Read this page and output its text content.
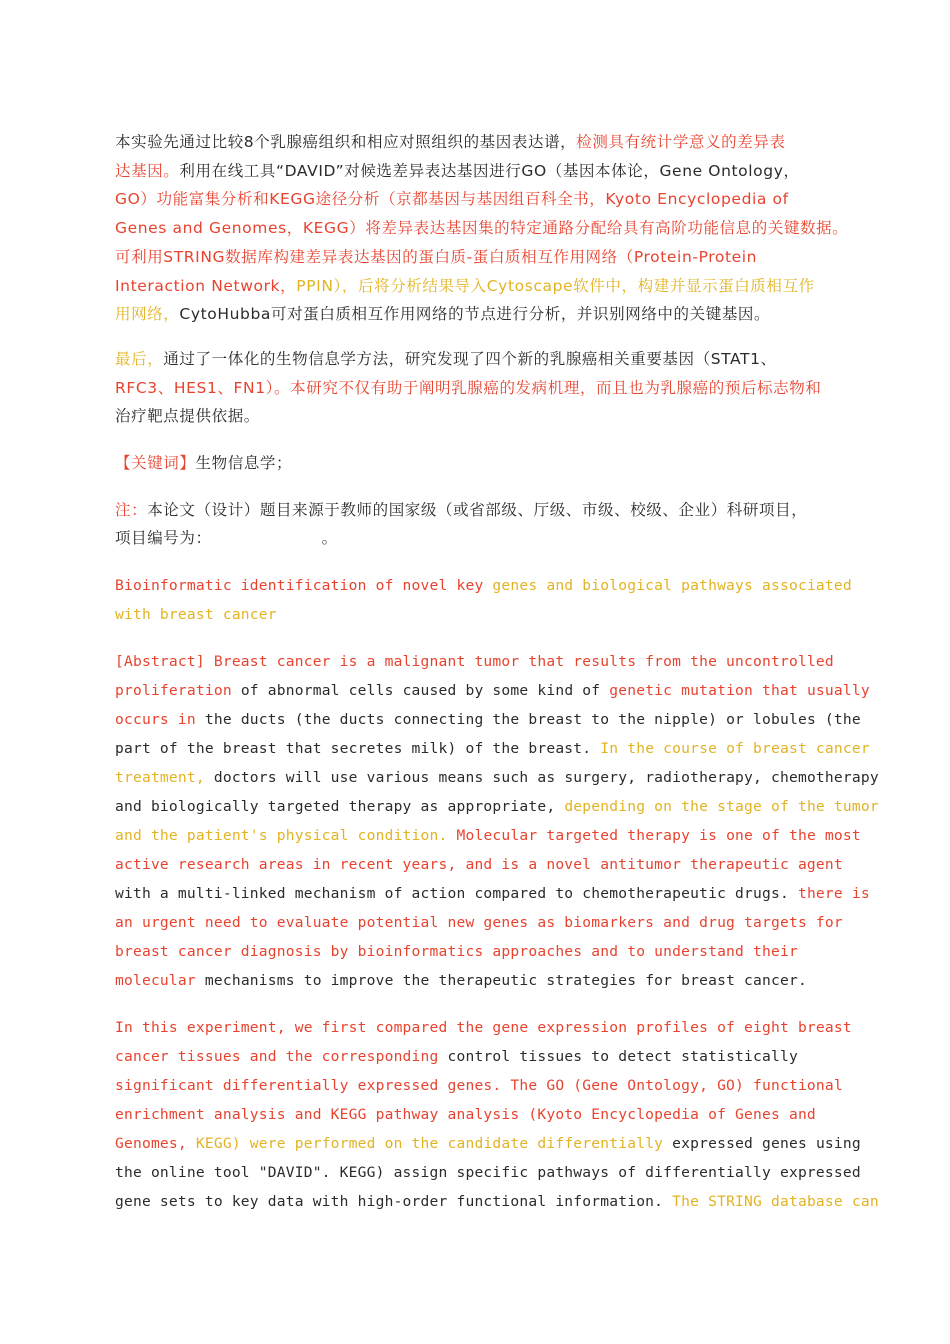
本实验先通过比较8个乳腺癌组织和相应对照组织的基因表达谱，检测具有统计学意义的差异表
达基因。利用在线工具“DAVID”对候选差异表达基因进行GO（基因本体论，Gene Ontology，
GO）功能富集分析和KEGG途径分析（京都基因与基因组百科全书，Kyoto Encyclopedia of
Genes and Genomes，KEGG）将差异表达基因集的特定通路分配给具有高阶功能信息的关键数据。
可利用STRING数据库构建差异表达基因的蛋白质-蛋白质相互作用网络（Protein-Protein
Interaction Network，PPIN），后将分析结果导入Cytoscape软件中，构建并显示蛋白质相互作
用网络，CytoHubba可对蛋白质相互作用网络的节点进行分析，并识别网络中的关键基因。

最后，通过了一体化的生物信息学方法，研究发现了四个新的乳腺癌相关重要基因（STAT1、
RFC3、HES1、FN1）。本研究不仅有助于阐明乳腺癌的发病机理，而且也为乳腺癌的预后标志物和
治疗靶点提供依据。

【关键词】生物信息学；

注：本论文（设计）题目来源于教师的国家级（或省部级、厅级、市级、校级、企业）科研项目，
项目编号为：	。

Bioinformatic identification of novel key genes and biological pathways associated
with breast cancer

[Abstract] Breast cancer is a malignant tumor that results from the uncontrolled
proliferation of abnormal cells caused by some kind of genetic mutation that usually
occurs in the ducts (the ducts connecting the breast to the nipple) or lobules (the
part of the breast that secretes milk) of the breast. In the course of breast cancer
treatment, doctors will use various means such as surgery, radiotherapy, chemotherapy
and biologically targeted therapy as appropriate, depending on the stage of the tumor
and the patient's physical condition. Molecular targeted therapy is one of the most
active research areas in recent years, and is a novel antitumor therapeutic agent
with a multi-linked mechanism of action compared to chemotherapeutic drugs. there is
an urgent need to evaluate potential new genes as biomarkers and drug targets for
breast cancer diagnosis by bioinformatics approaches and to understand their
molecular mechanisms to improve the therapeutic strategies for breast cancer.

In this experiment, we first compared the gene expression profiles of eight breast
cancer tissues and the corresponding control tissues to detect statistically
significant differentially expressed genes. The GO (Gene Ontology, GO) functional
enrichment analysis and KEGG pathway analysis (Kyoto Encyclopedia of Genes and
Genomes, KEGG) were performed on the candidate differentially expressed genes using
the online tool "DAVID". KEGG) assign specific pathways of differentially expressed
gene sets to key data with high-order functional information. The STRING database can
